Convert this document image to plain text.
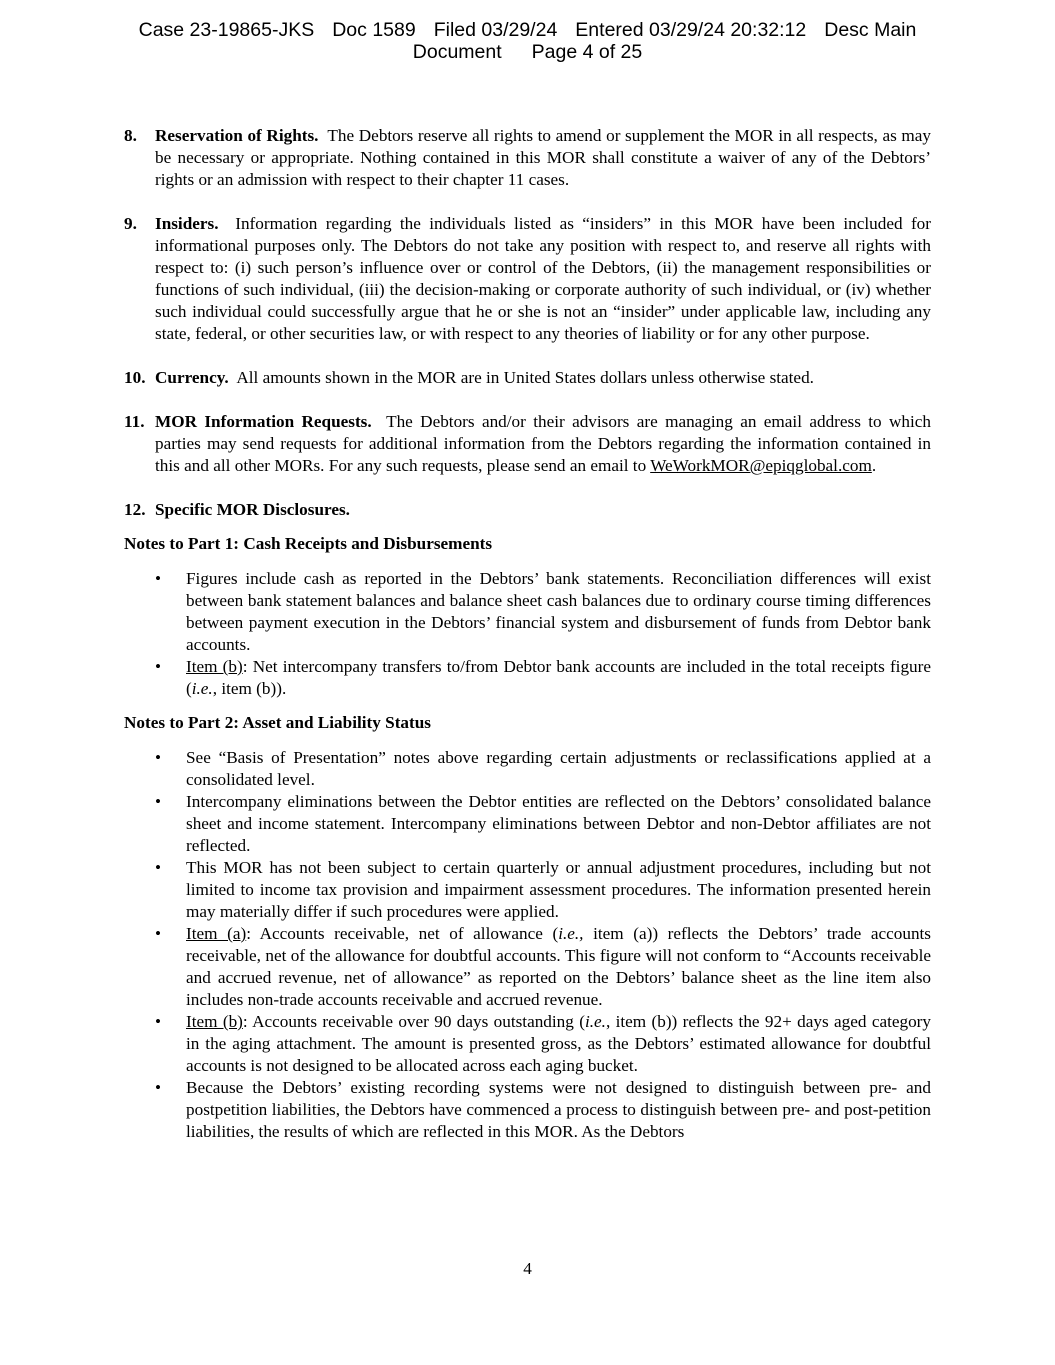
Case 23-19865-JKS Doc 1589 Filed 03/29/24 Entered 03/29/24 20:32:12 Desc Main
Document Page 4 of 25
8.	Reservation of Rights. The Debtors reserve all rights to amend or supplement the MOR in all respects, as may be necessary or appropriate. Nothing contained in this MOR shall constitute a waiver of any of the Debtors’ rights or an admission with respect to their chapter 11 cases.
9.	Insiders. Information regarding the individuals listed as “insiders” in this MOR have been included for informational purposes only. The Debtors do not take any position with respect to, and reserve all rights with respect to: (i) such person’s influence over or control of the Debtors, (ii) the management responsibilities or functions of such individual, (iii) the decision-making or corporate authority of such individual, or (iv) whether such individual could successfully argue that he or she is not an “insider” under applicable law, including any state, federal, or other securities law, or with respect to any theories of liability or for any other purpose.
10. Currency. All amounts shown in the MOR are in United States dollars unless otherwise stated.
11. MOR Information Requests. The Debtors and/or their advisors are managing an email address to which parties may send requests for additional information from the Debtors regarding the information contained in this and all other MORs. For any such requests, please send an email to WeWorkMOR@epiqglobal.com.
12. Specific MOR Disclosures.
Notes to Part 1: Cash Receipts and Disbursements
• Figures include cash as reported in the Debtors’ bank statements. Reconciliation differences will exist between bank statement balances and balance sheet cash balances due to ordinary course timing differences between payment execution in the Debtors’ financial system and disbursement of funds from Debtor bank accounts.
• Item (b): Net intercompany transfers to/from Debtor bank accounts are included in the total receipts figure (i.e., item (b)).
Notes to Part 2: Asset and Liability Status
• See “Basis of Presentation” notes above regarding certain adjustments or reclassifications applied at a consolidated level.
• Intercompany eliminations between the Debtor entities are reflected on the Debtors’ consolidated balance sheet and income statement. Intercompany eliminations between Debtor and non-Debtor affiliates are not reflected.
• This MOR has not been subject to certain quarterly or annual adjustment procedures, including but not limited to income tax provision and impairment assessment procedures. The information presented herein may materially differ if such procedures were applied.
• Item (a): Accounts receivable, net of allowance (i.e., item (a)) reflects the Debtors’ trade accounts receivable, net of the allowance for doubtful accounts. This figure will not conform to “Accounts receivable and accrued revenue, net of allowance” as reported on the Debtors’ balance sheet as the line item also includes non-trade accounts receivable and accrued revenue.
• Item (b): Accounts receivable over 90 days outstanding (i.e., item (b)) reflects the 92+ days aged category in the aging attachment. The amount is presented gross, as the Debtors’ estimated allowance for doubtful accounts is not designed to be allocated across each aging bucket.
• Because the Debtors’ existing recording systems were not designed to distinguish between pre- and postpetition liabilities, the Debtors have commenced a process to distinguish between pre- and post-petition liabilities, the results of which are reflected in this MOR. As the Debtors
4
